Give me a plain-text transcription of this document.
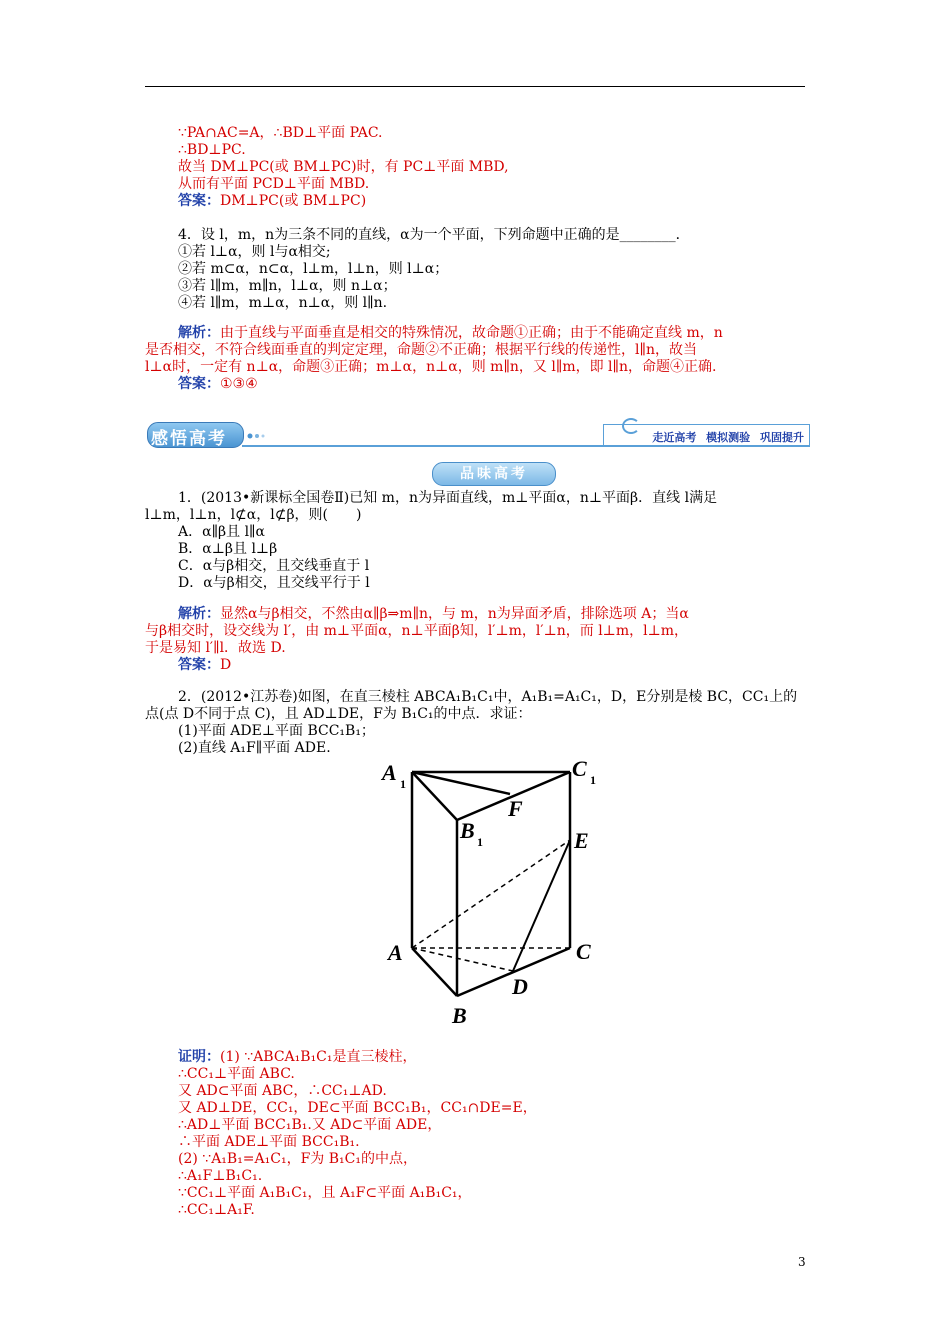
∵PA∩AC=A，∴BD⊥平面 PAC.
∴BD⊥PC.
故当 DM⊥PC(或 BM⊥PC)时，有 PC⊥平面 MBD,
从而有平面 PCD⊥平面 MBD.
答案：DM⊥PC(或 BM⊥PC)
4．设 l，m，n为三条不同的直线，α为一个平面，下列命题中正确的是________．
①若 l⊥α，则 l与α相交;
②若 m⊂α，n⊂α，l⊥m，l⊥n，则 l⊥α；
③若 l∥m，m∥n，l⊥α，则 n⊥α；
④若 l∥m，m⊥α，n⊥α，则 l∥n.
解析：由于直线与平面垂直是相交的特殊情况，故命题①正确；由于不能确定直线 m，n
是否相交，不符合线面垂直的判定定理，命题②不正确；根据平行线的传递性，l∥n，故当
l⊥α时，一定有 n⊥α，命题③正确；m⊥α，n⊥α，则 m∥n，又 l∥m，即 l∥n，命题④正确.
答案：①③④
感悟高考	走近高考 模拟测验 巩固提升
品味高考
1．(2013•新课标全国卷Ⅱ)已知 m，n为异面直线，m⊥平面α，n⊥平面β．直线 l满足
l⊥m，l⊥n，l⊄α，l⊄β，则(　　)
A．α∥β且 l∥α
B．α⊥β且 l⊥β
C．α与β相交，且交线垂直于 l
D．α与β相交，且交线平行于 l
解析：显然α与β相交，不然由α∥β⇒m∥n，与 m，n为异面矛盾，排除选项 A；当α
与β相交时，设交线为 l′，由 m⊥平面α，n⊥平面β知，l′⊥m，l′⊥n，而 l⊥m，l⊥m，
于是易知 l′∥l．故选 D.
答案：D
2．(2012•江苏卷)如图，在直三棱柱 ABCA₁B₁C₁中，A₁B₁=A₁C₁，D，E分别是棱 BC，CC₁上的
点(点 D不同于点 C)，且 AD⊥DE，F为 B₁C₁的中点．求证：
(1)平面 ADE⊥平面 BCC₁B₁；
(2)直线 A₁F∥平面 ADE.
A 1
C 1
F
B 1	E
A	C
D
B
证明：(1) ∵ABCA₁B₁C₁是直三棱柱，
∴CC₁⊥平面 ABC.
又 AD⊂平面 ABC，∴CC₁⊥AD.
又 AD⊥DE，CC₁，DE⊂平面 BCC₁B₁，CC₁∩DE=E，
∴AD⊥平面 BCC₁B₁.又 AD⊂平面 ADE，
∴平面 ADE⊥平面 BCC₁B₁.
(2) ∵A₁B₁=A₁C₁，F为 B₁C₁的中点，
∴A₁F⊥B₁C₁.
∵CC₁⊥平面 A₁B₁C₁，且 A₁F⊂平面 A₁B₁C₁，
∴CC₁⊥A₁F.
3
